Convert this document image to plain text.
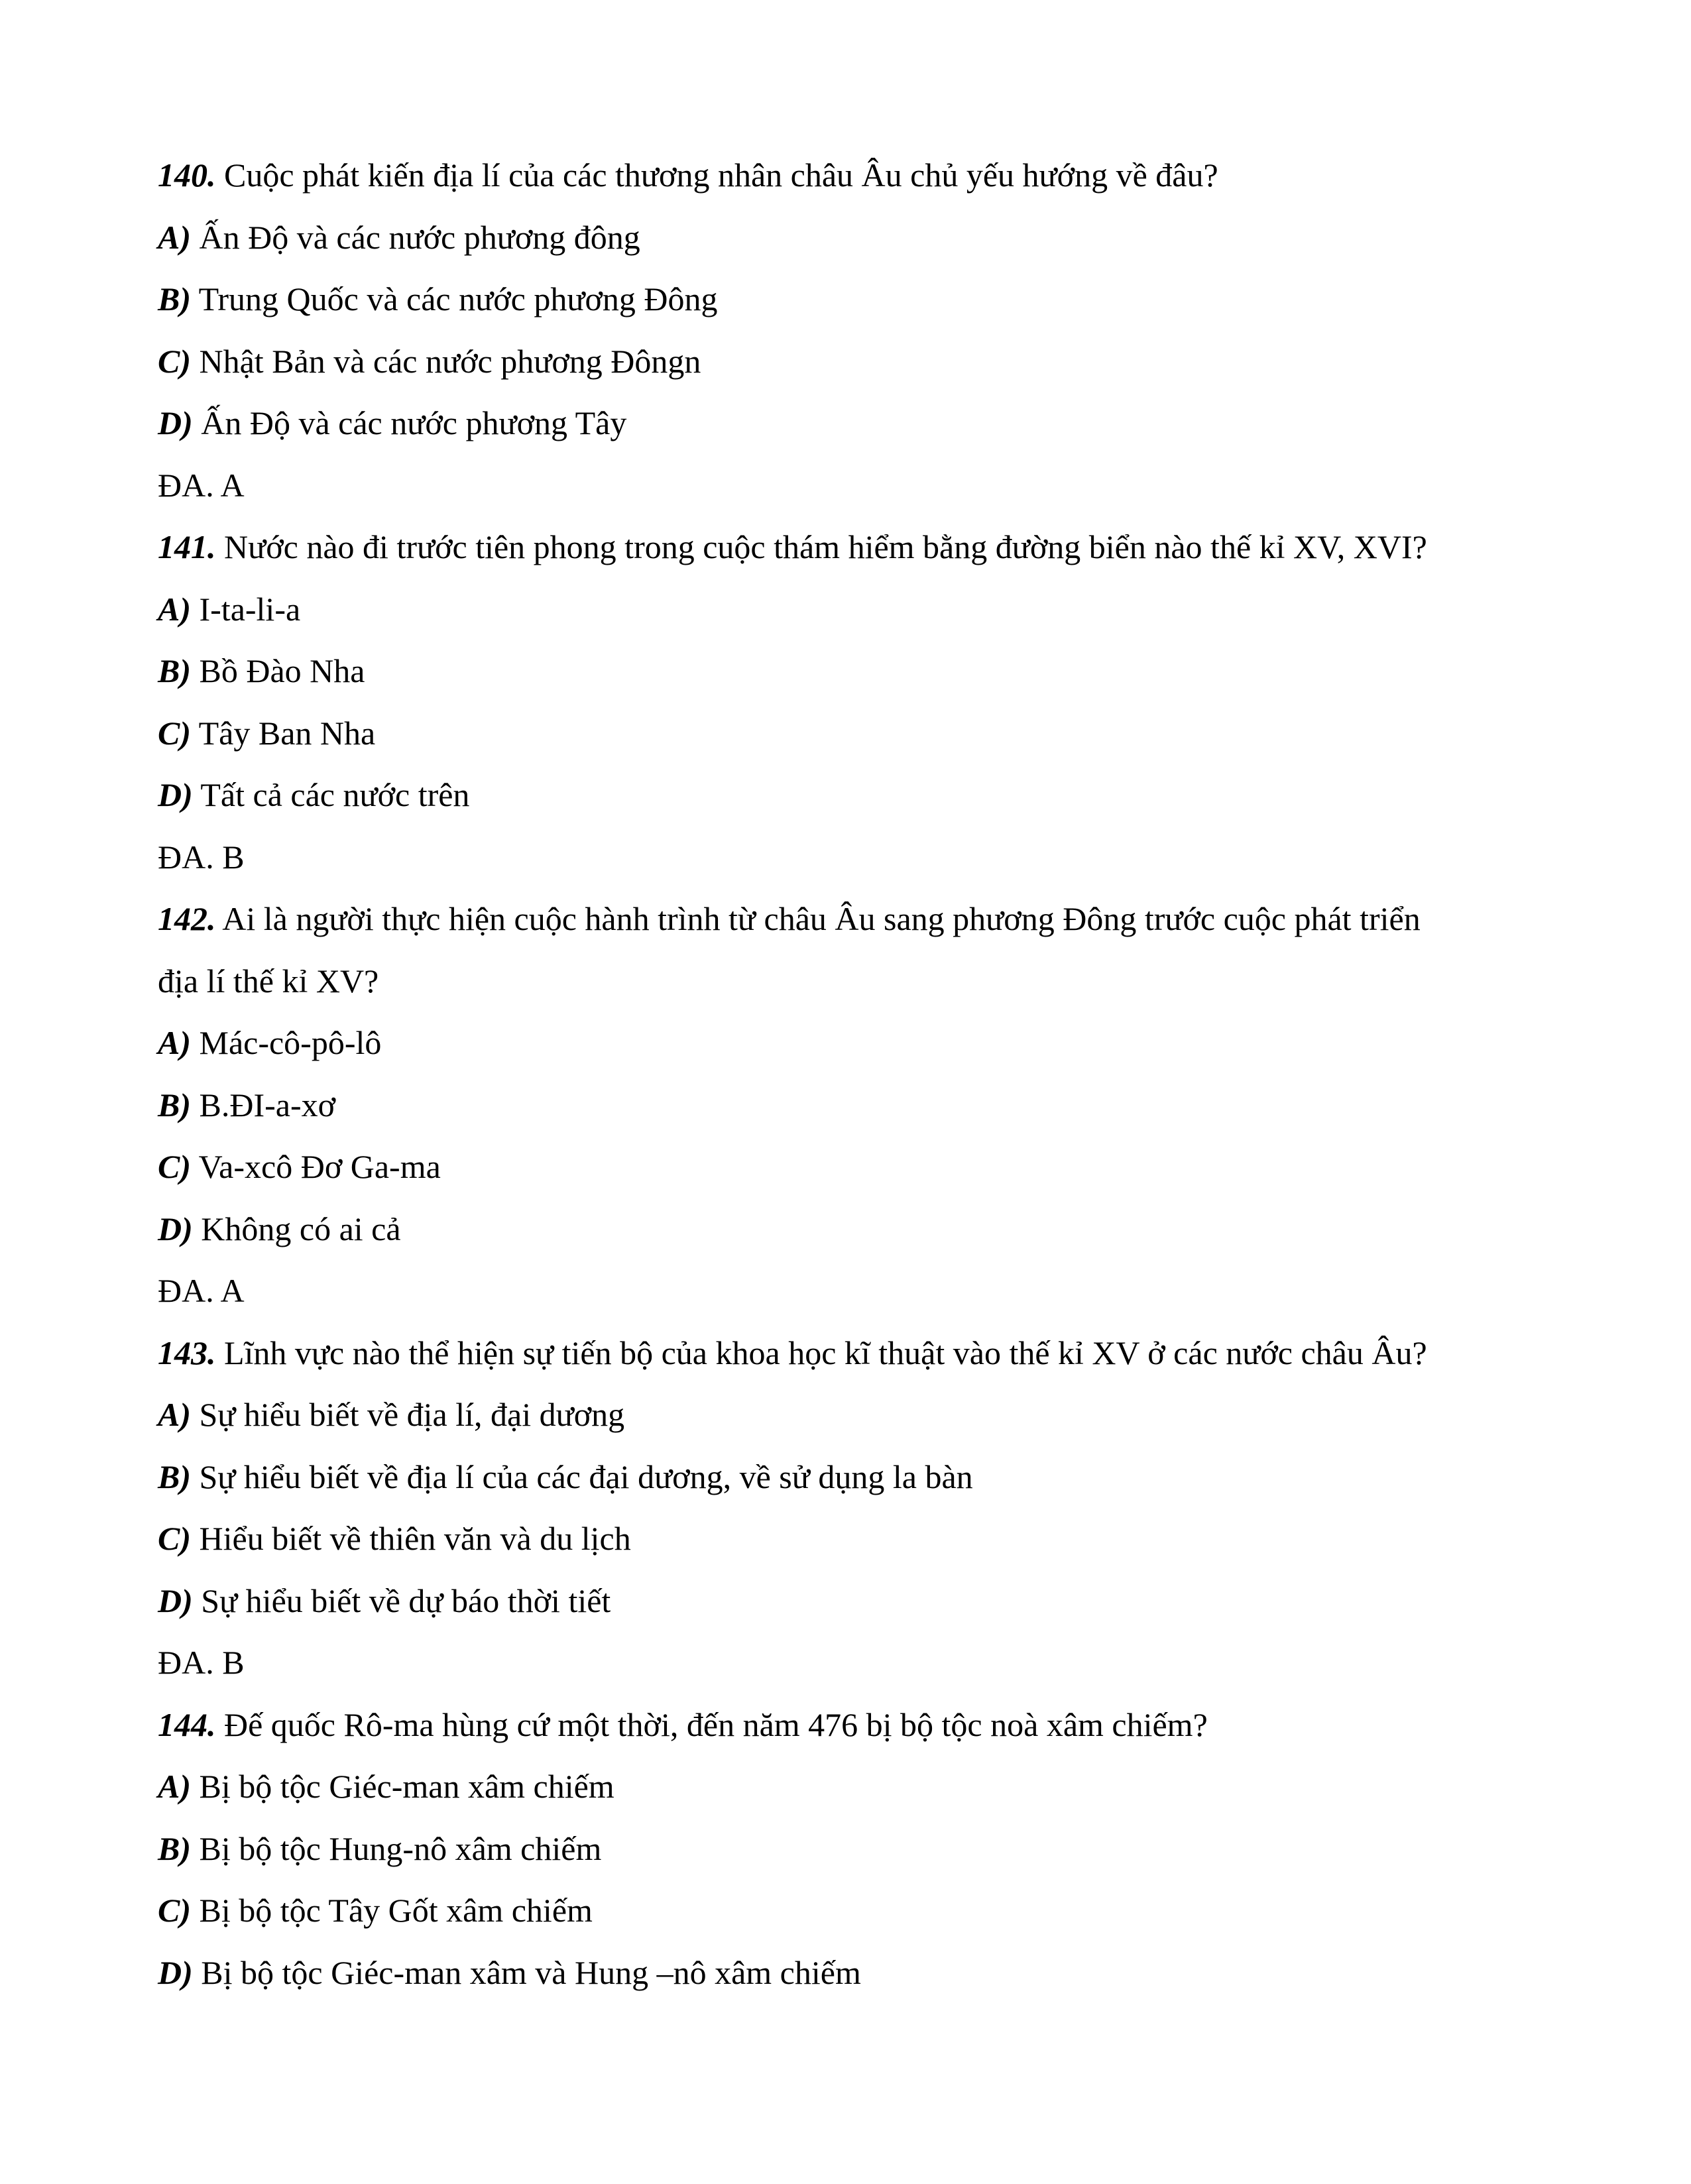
140. Cuộc phát kiến địa lí của các thương nhân châu Âu chủ yếu hướng về đâu?
A) Ấn Độ và các nước phương đông
B) Trung Quốc và các nước phương Đông
C) Nhật Bản và các nước phương Đôngn
D) Ấn Độ và các nước phương Tây
ĐA. A
141. Nước nào đi trước tiên phong trong cuộc thám hiểm bằng đường biển nào thế kỉ XV, XVI?
A) I-ta-li-a
B) Bồ Đào Nha
C) Tây Ban Nha
D) Tất cả các nước trên
ĐA. B
142. Ai là người thực hiện cuộc hành trình từ châu Âu sang phương Đông trước cuộc phát triển
địa lí thế kỉ XV?
A) Mác-cô-pô-lô
B) B.ĐI-a-xơ
C) Va-xcô Đơ Ga-ma
D) Không có ai cả
ĐA. A
143. Lĩnh vực nào thể hiện sự tiến bộ của khoa học kĩ thuật vào thế kỉ XV ở các nước châu Âu?
A) Sự hiểu biết về địa lí, đại dương
B) Sự hiểu biết về địa lí của các đại dương, về sử dụng la bàn
C) Hiểu biết về thiên văn và du lịch
D) Sự hiểu biết về dự báo thời tiết
ĐA. B
144. Đế quốc Rô-ma hùng cứ một thời, đến năm 476 bị bộ tộc noà xâm chiếm?
A) Bị bộ tộc Giéc-man xâm chiếm
B) Bị bộ tộc Hung-nô xâm chiếm
C) Bị bộ tộc Tây Gốt xâm chiếm
D) Bị bộ tộc Giéc-man xâm và Hung –nô xâm chiếm
